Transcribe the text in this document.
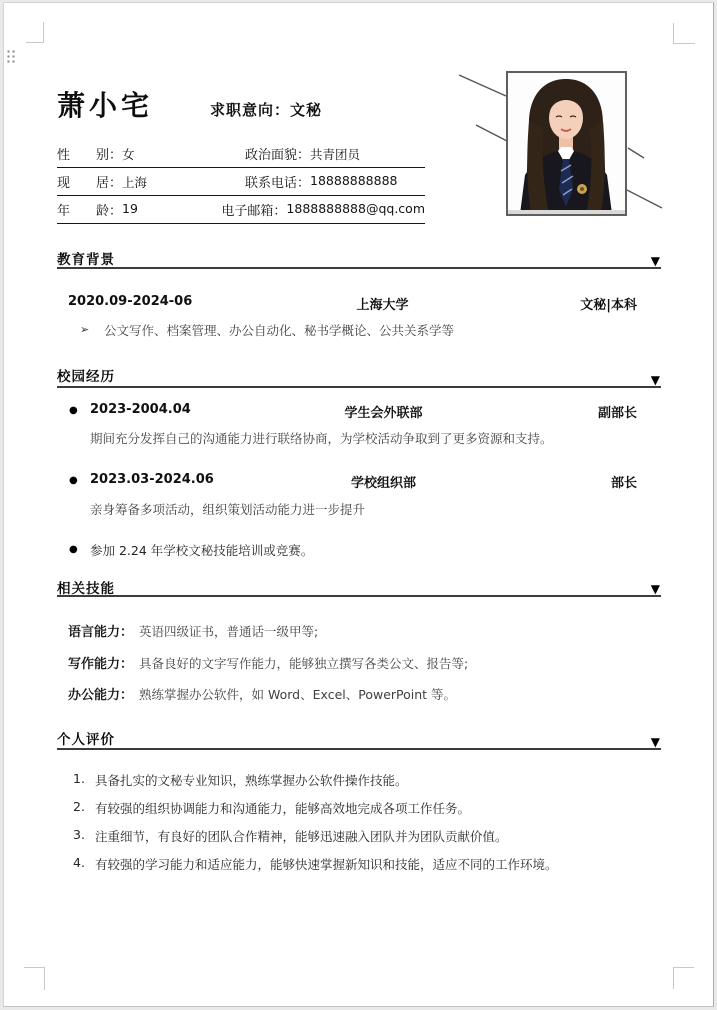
萧小宅	求职意向：文秘
性　　别： 女	政治面貌： 共青团员
现　　居： 上海	联系电话： 18888888888
年　　龄： 19	电子邮箱： 1888888888@qq.com
教育背景	▼
2020.09-2024-06	上海大学	文秘|本科
➢ 公文写作、档案管理、办公自动化、秘书学概论、公共关系学等
校园经历	▼
● 2023-2004.04	学生会外联部	副部长
期间充分发挥自己的沟通能力进行联络协商，为学校活动争取到了更多资源和支持。
● 2023.03-2024.06	学校组织部	部长
亲身筹备多项活动，组织策划活动能力进一步提升
● 参加 2.24 年学校文秘技能培训或竞赛。
相关技能	▼
语言能力： 英语四级证书，普通话一级甲等;
写作能力： 具备良好的文字写作能力，能够独立撰写各类公文、报告等;
办公能力： 熟练掌握办公软件，如 Word、Excel、PowerPoint 等。
个人评价	▼
1. 具备扎实的文秘专业知识，熟练掌握办公软件操作技能。
2. 有较强的组织协调能力和沟通能力，能够高效地完成各项工作任务。
3. 注重细节，有良好的团队合作精神，能够迅速融入团队并为团队贡献价值。
4. 有较强的学习能力和适应能力，能够快速掌握新知识和技能，适应不同的工作环境。
